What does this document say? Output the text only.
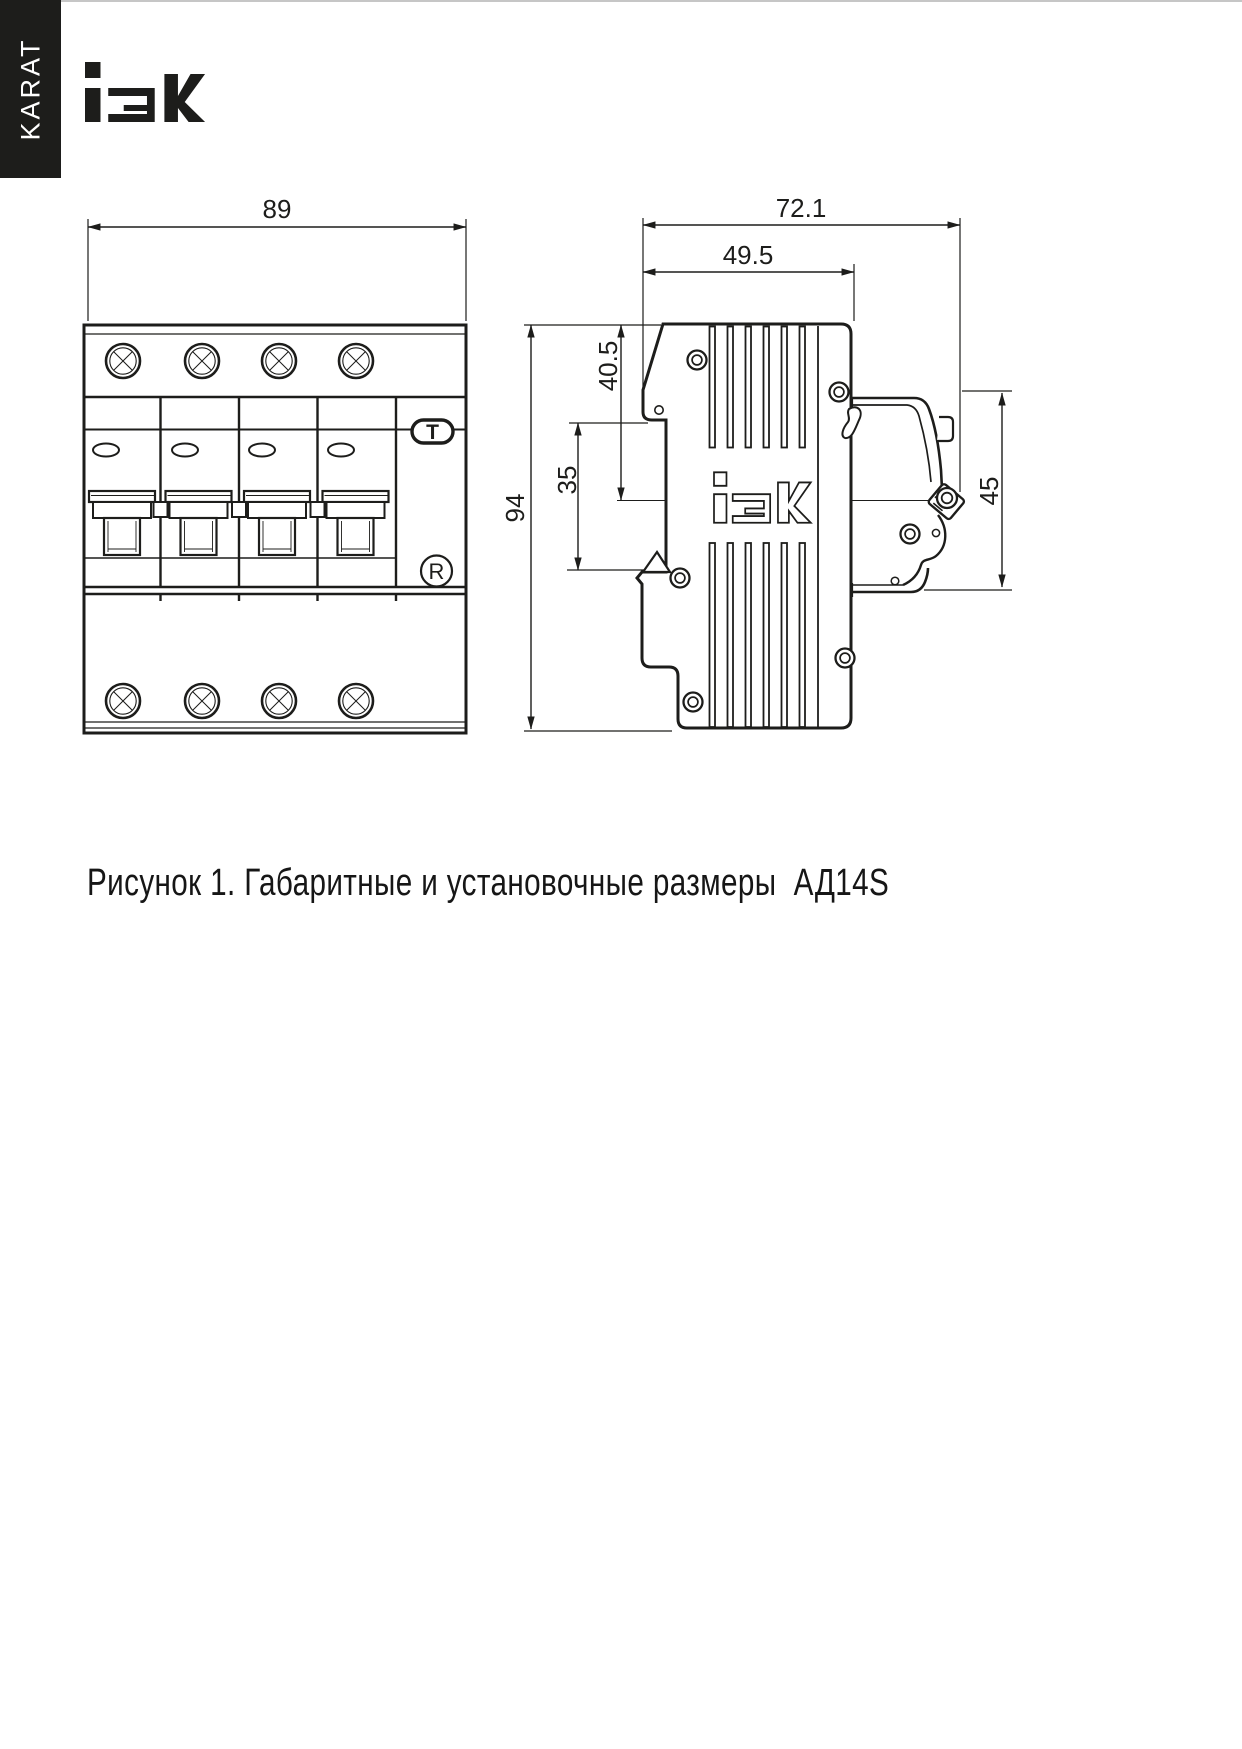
KARAT
89
T
R
72.1
49.5
94
40.5
35	45
Рисунок 1. Габаритные и установочные размеры  АД14S
